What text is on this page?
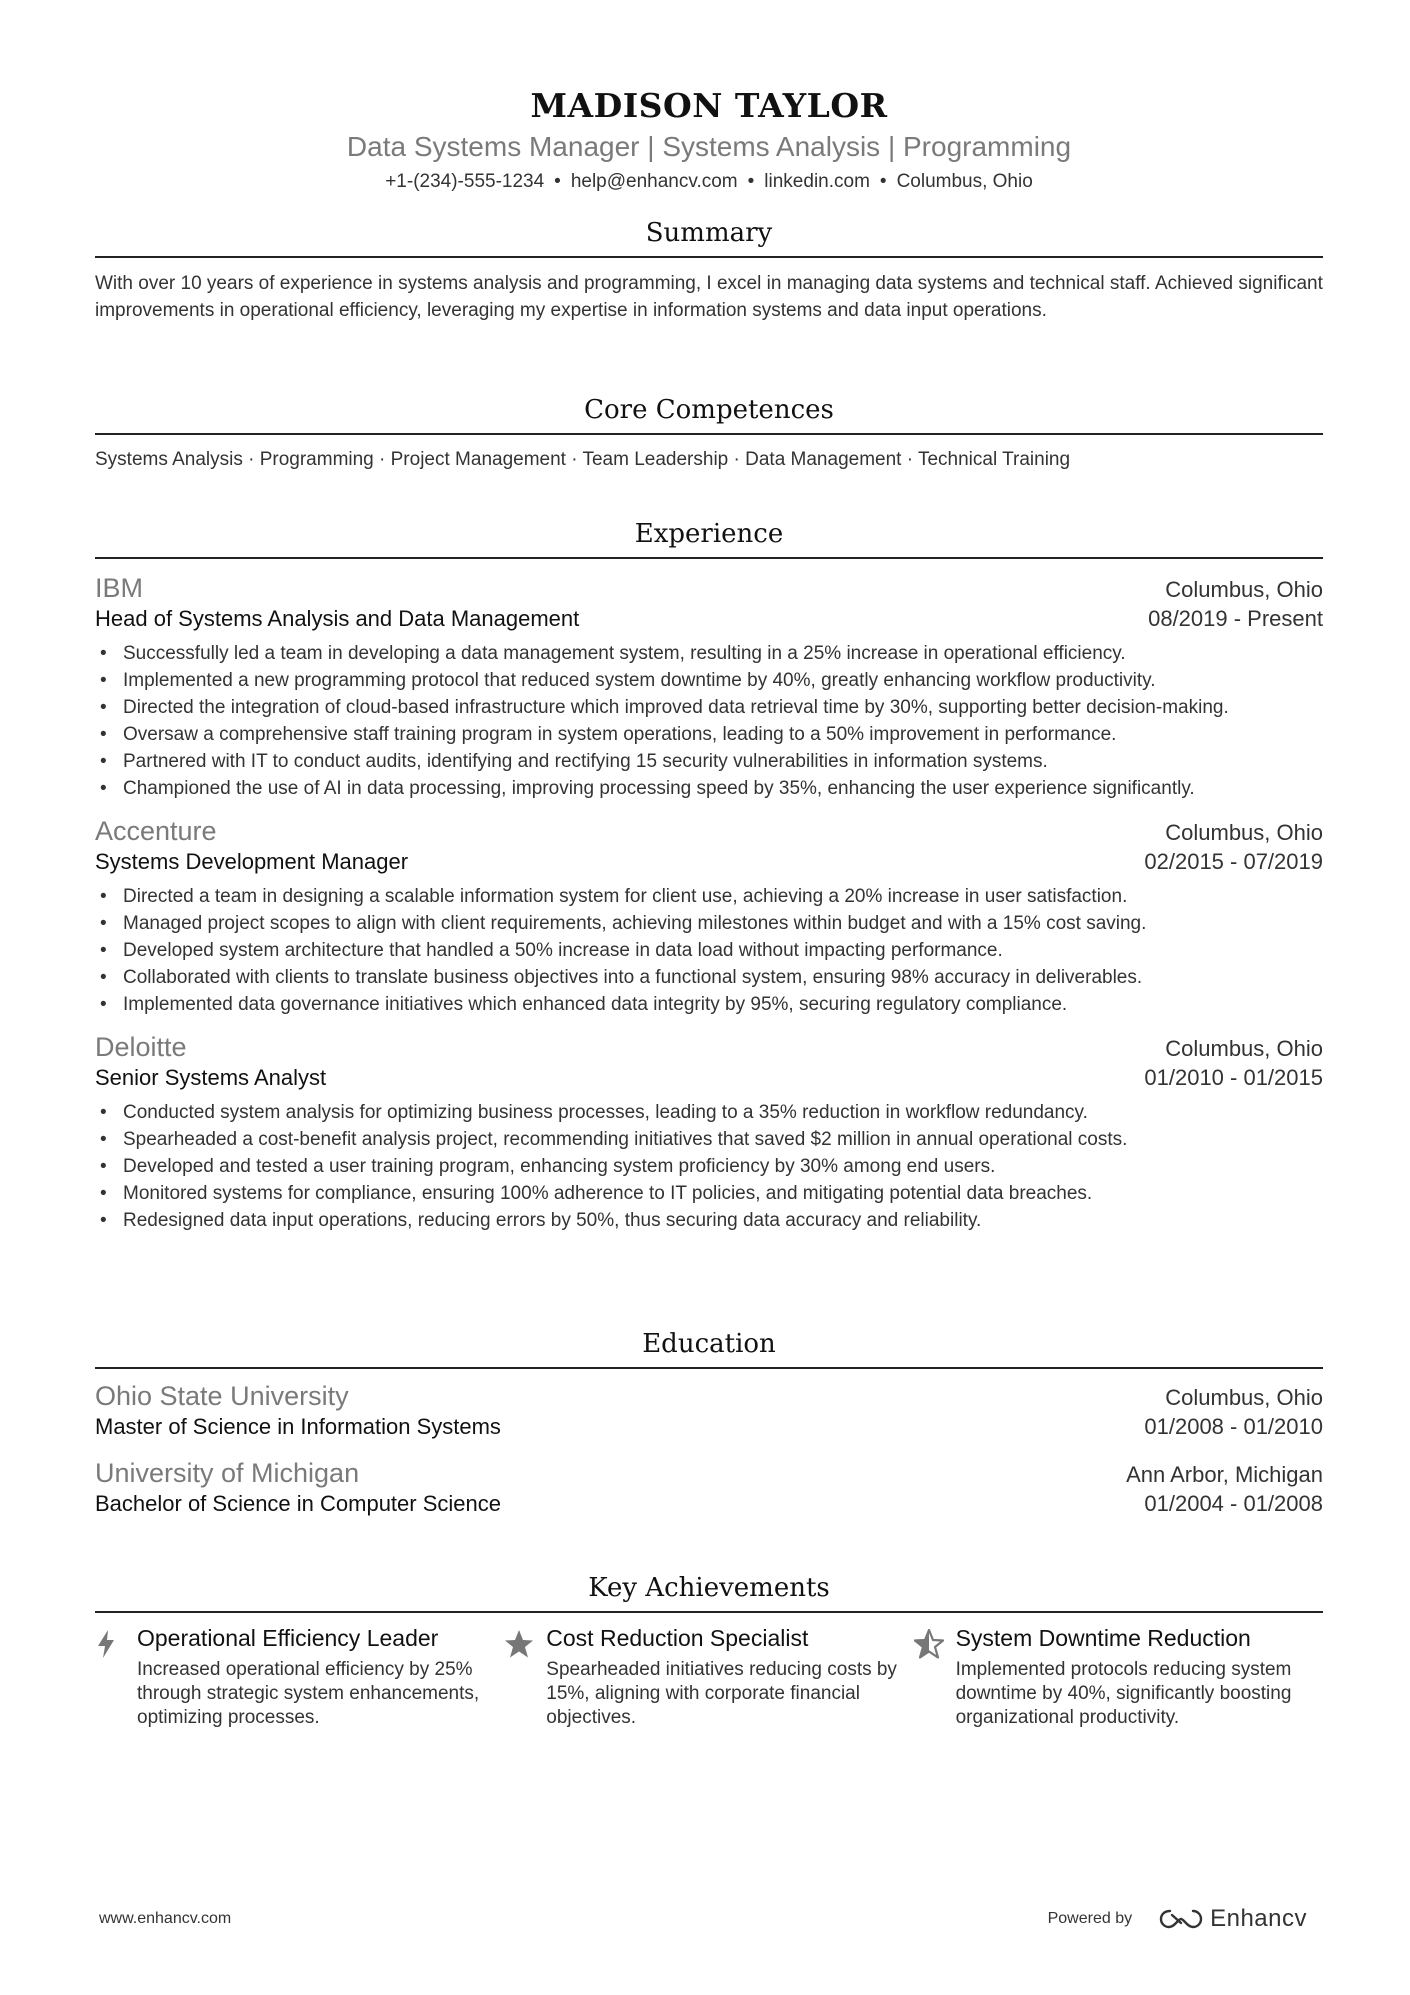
MADISON TAYLOR
Data Systems Manager | Systems Analysis | Programming
+1-(234)-555-1234 • help@enhancv.com • linkedin.com • Columbus, Ohio
Summary
With over 10 years of experience in systems analysis and programming, I excel in managing data systems and technical staff. Achieved significant improvements in operational efficiency, leveraging my expertise in information systems and data input operations.
Core Competences
Systems Analysis · Programming · Project Management · Team Leadership · Data Management · Technical Training
Experience
IBM	Columbus, Ohio
Head of Systems Analysis and Data Management	08/2019 - Present
• Successfully led a team in developing a data management system, resulting in a 25% increase in operational efficiency.
• Implemented a new programming protocol that reduced system downtime by 40%, greatly enhancing workflow productivity.
• Directed the integration of cloud-based infrastructure which improved data retrieval time by 30%, supporting better decision-making.
• Oversaw a comprehensive staff training program in system operations, leading to a 50% improvement in performance.
• Partnered with IT to conduct audits, identifying and rectifying 15 security vulnerabilities in information systems.
• Championed the use of AI in data processing, improving processing speed by 35%, enhancing the user experience significantly.
Accenture	Columbus, Ohio
Systems Development Manager	02/2015 - 07/2019
• Directed a team in designing a scalable information system for client use, achieving a 20% increase in user satisfaction.
• Managed project scopes to align with client requirements, achieving milestones within budget and with a 15% cost saving.
• Developed system architecture that handled a 50% increase in data load without impacting performance.
• Collaborated with clients to translate business objectives into a functional system, ensuring 98% accuracy in deliverables.
• Implemented data governance initiatives which enhanced data integrity by 95%, securing regulatory compliance.
Deloitte	Columbus, Ohio
Senior Systems Analyst	01/2010 - 01/2015
• Conducted system analysis for optimizing business processes, leading to a 35% reduction in workflow redundancy.
• Spearheaded a cost-benefit analysis project, recommending initiatives that saved $2 million in annual operational costs.
• Developed and tested a user training program, enhancing system proficiency by 30% among end users.
• Monitored systems for compliance, ensuring 100% adherence to IT policies, and mitigating potential data breaches.
• Redesigned data input operations, reducing errors by 50%, thus securing data accuracy and reliability.
Education
Ohio State University	Columbus, Ohio
Master of Science in Information Systems	01/2008 - 01/2010
University of Michigan	Ann Arbor, Michigan
Bachelor of Science in Computer Science	01/2004 - 01/2008
Key Achievements
Operational Efficiency Leader
Increased operational efficiency by 25% through strategic system enhancements, optimizing processes.
Cost Reduction Specialist
Spearheaded initiatives reducing costs by 15%, aligning with corporate financial objectives.
System Downtime Reduction
Implemented protocols reducing system downtime by 40%, significantly boosting organizational productivity.
www.enhancv.com	Powered by	Enhancv
